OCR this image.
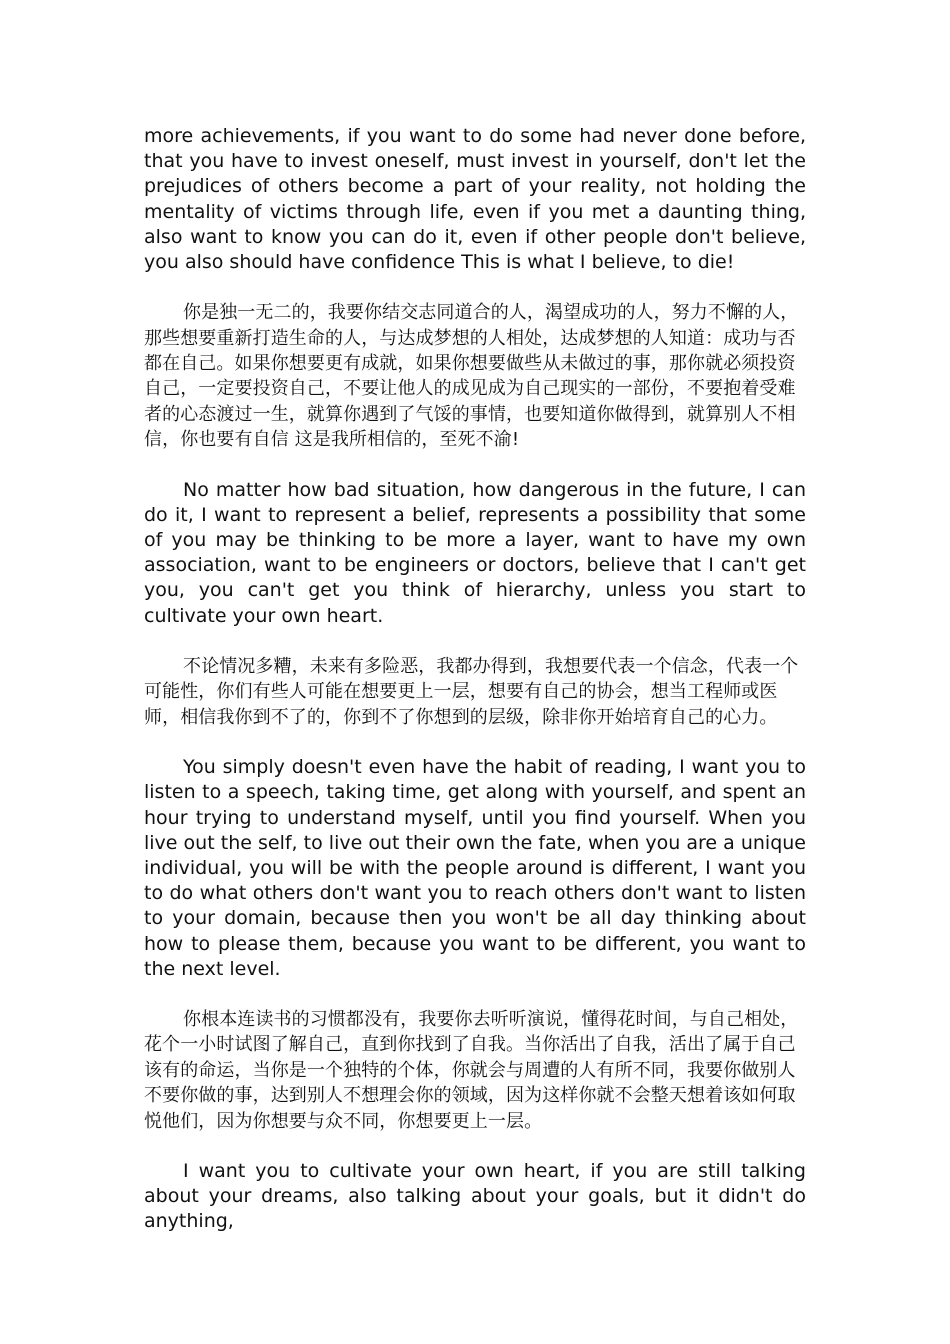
more achievements, if you want to do some had never done before, that you have to invest oneself, must invest in yourself, don't let the prejudices of others become a part of your reality, not holding the mentality of victims through life, even if you met a daunting thing, also want to know you can do it, even if other people don't believe, you also should have confidence This is what I believe, to die!

你是独一无二的，我要你结交志同道合的人，渴望成功的人，努力不懈的人，那些想要重新打造生命的人，与达成梦想的人相处，达成梦想的人知道：成功与否都在自己。如果你想要更有成就，如果你想要做些从未做过的事，那你就必须投资自己，一定要投资自己，不要让他人的成见成为自己现实的一部份，不要抱着受难者的心态渡过一生，就算你遇到了气馁的事情，也要知道你做得到，就算别人不相信，你也要有自信 这是我所相信的，至死不渝!

No matter how bad situation, how dangerous in the future, I can do it, I want to represent a belief, represents a possibility that some of you may be thinking to be more a layer, want to have my own association, want to be engineers or doctors, believe that I can't get you, you can't get you think of hierarchy, unless you start to cultivate your own heart.

不论情况多糟，未来有多险恶，我都办得到，我想要代表一个信念，代表一个可能性，你们有些人可能在想要更上一层，想要有自己的协会，想当工程师或医师，相信我你到不了的，你到不了你想到的层级，除非你开始培育自己的心力。

You simply doesn't even have the habit of reading, I want you to listen to a speech, taking time, get along with yourself, and spent an hour trying to understand myself, until you find yourself. When you live out the self, to live out their own the fate, when you are a unique individual, you will be with the people around is different, I want you to do what others don't want you to reach others don't want to listen to your domain, because then you won't be all day thinking about how to please them, because you want to be different, you want to the next level.

你根本连读书的习惯都没有，我要你去听听演说，懂得花时间，与自己相处，花个一小时试图了解自己，直到你找到了自我。当你活出了自我，活出了属于自己该有的命运，当你是一个独特的个体，你就会与周遭的人有所不同，我要你做别人不要你做的事，达到别人不想理会你的领域，因为这样你就不会整天想着该如何取悦他们，因为你想要与众不同，你想要更上一层。

I want you to cultivate your own heart, if you are still talking about your dreams, also talking about your goals, but it didn't do anything,
